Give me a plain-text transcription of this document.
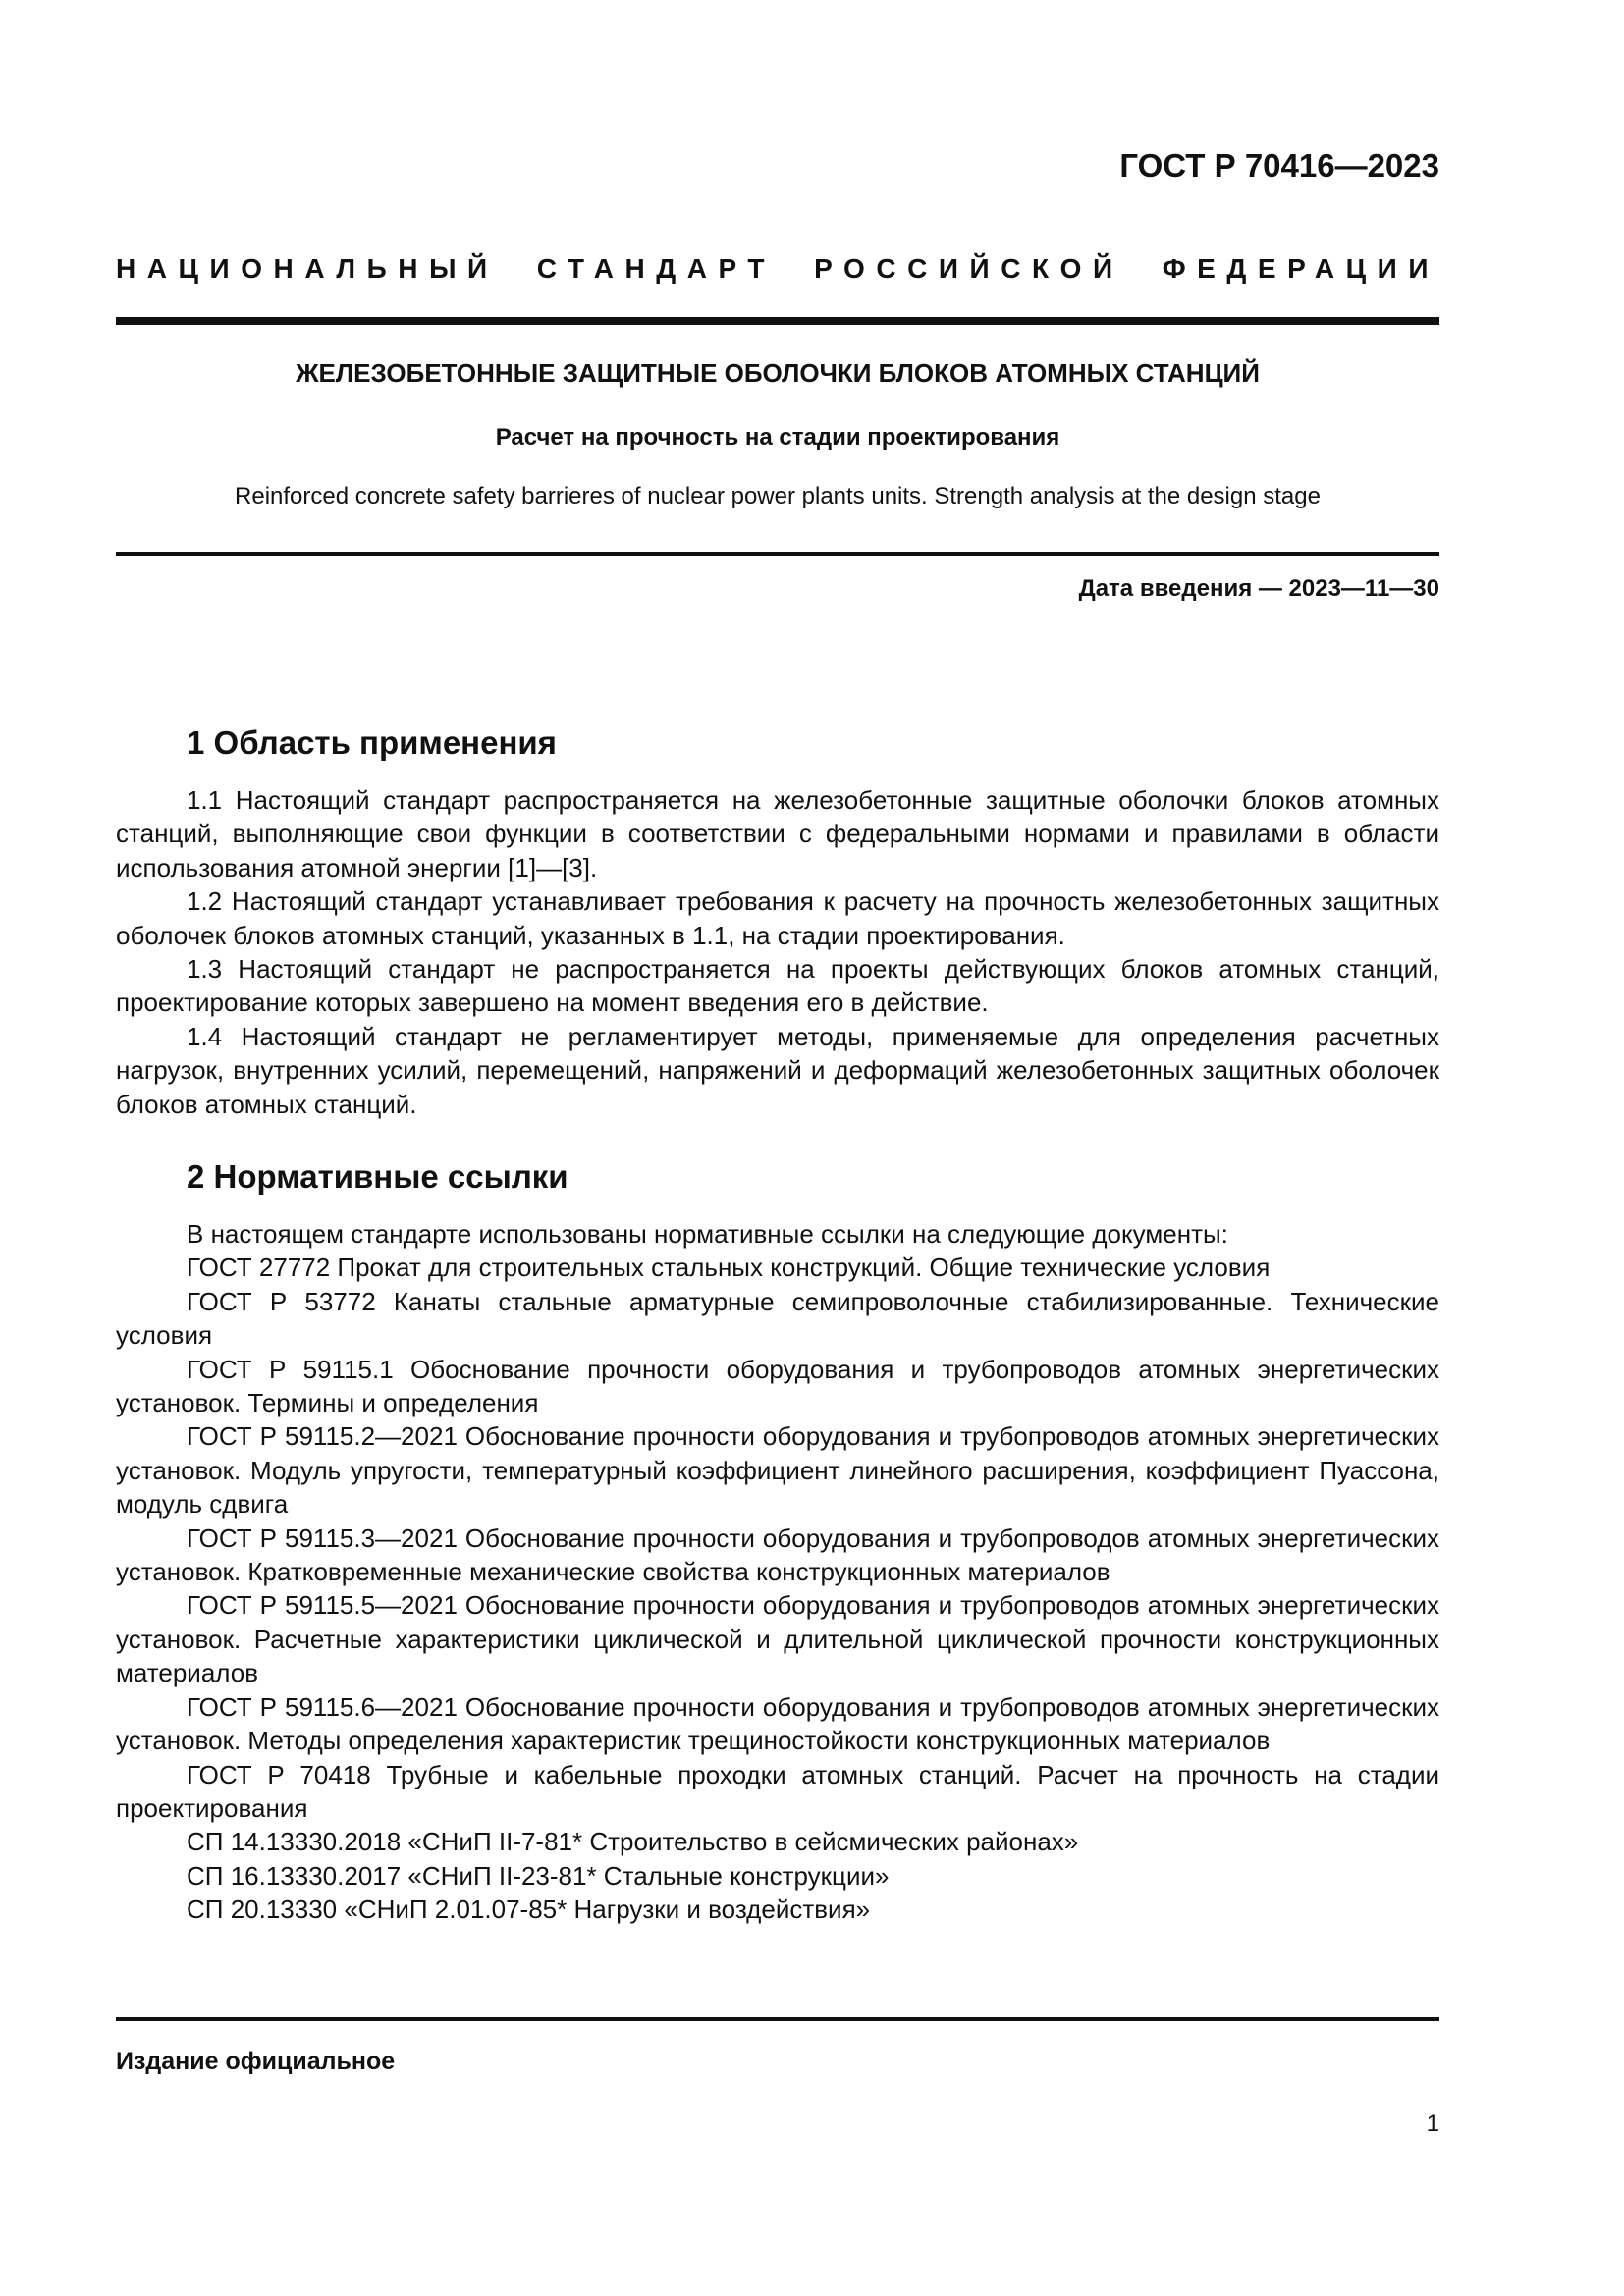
ГОСТ Р 70416—2023
НАЦИОНАЛЬНЫЙ СТАНДАРТ РОССИЙСКОЙ ФЕДЕРАЦИИ
ЖЕЛЕЗОБЕТОННЫЕ ЗАЩИТНЫЕ ОБОЛОЧКИ БЛОКОВ АТОМНЫХ СТАНЦИЙ
Расчет на прочность на стадии проектирования
Reinforced concrete safety barrieres of nuclear power plants units. Strength analysis at the design stage
Дата введения — 2023—11—30
1 Область применения

1.1 Настоящий стандарт распространяется на железобетонные защитные оболочки блоков атомных станций, выполняющие свои функции в соответствии с федеральными нормами и правилами в области использования атомной энергии [1]—[3].

1.2 Настоящий стандарт устанавливает требования к расчету на прочность железобетонных защитных оболочек блоков атомных станций, указанных в 1.1, на стадии проектирования.

1.3 Настоящий стандарт не распространяется на проекты действующих блоков атомных станций, проектирование которых завершено на момент введения его в действие.

1.4 Настоящий стандарт не регламентирует методы, применяемые для определения расчетных нагрузок, внутренних усилий, перемещений, напряжений и деформаций железобетонных защитных оболочек блоков атомных станций.

2 Нормативные ссылки

В настоящем стандарте использованы нормативные ссылки на следующие документы:

ГОСТ 27772 Прокат для строительных стальных конструкций. Общие технические условия

ГОСТ Р 53772 Канаты стальные арматурные семипроволочные стабилизированные. Технические условия

ГОСТ Р 59115.1 Обоснование прочности оборудования и трубопроводов атомных энергетических установок. Термины и определения

ГОСТ Р 59115.2—2021 Обоснование прочности оборудования и трубопроводов атомных энергетических установок. Модуль упругости, температурный коэффициент линейного расширения, коэффициент Пуассона, модуль сдвига

ГОСТ Р 59115.3—2021 Обоснование прочности оборудования и трубопроводов атомных энергетических установок. Кратковременные механические свойства конструкционных материалов

ГОСТ Р 59115.5—2021 Обоснование прочности оборудования и трубопроводов атомных энергетических установок. Расчетные характеристики циклической и длительной циклической прочности конструкционных материалов

ГОСТ Р 59115.6—2021 Обоснование прочности оборудования и трубопроводов атомных энергетических установок. Методы определения характеристик трещиностойкости конструкционных материалов

ГОСТ Р 70418 Трубные и кабельные проходки атомных станций. Расчет на прочность на стадии проектирования

СП 14.13330.2018 «СНиП II-7-81* Строительство в сейсмических районах»

СП 16.13330.2017 «СНиП II-23-81* Стальные конструкции»

СП 20.13330 «СНиП 2.01.07-85* Нагрузки и воздействия»

Издание официальное
1
